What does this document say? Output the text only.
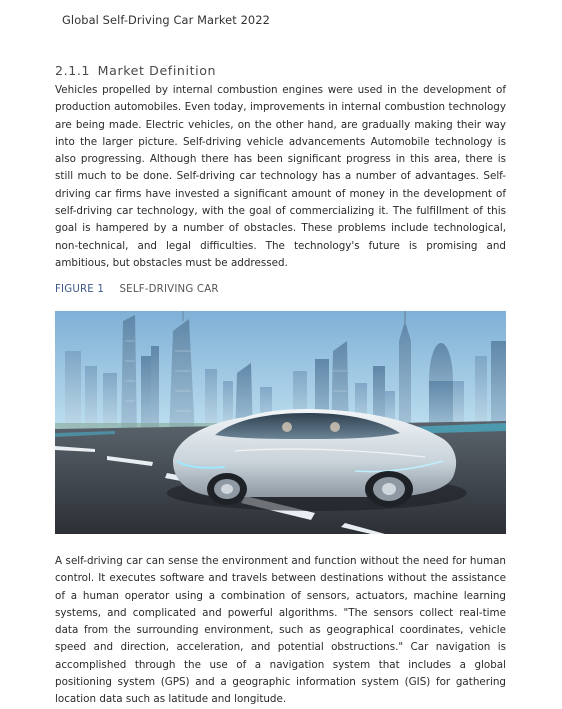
Global Self-Driving Car Market 2022
2.1.1 Market Definition

Vehicles propelled by internal combustion engines were used in the development of production automobiles. Even today, improvements in internal combustion technology are being made. Electric vehicles, on the other hand, are gradually making their way into the larger picture. Self-driving vehicle advancements Automobile technology is also progressing. Although there has been significant progress in this area, there is still much to be done. Self-driving car technology has a number of advantages. Self-driving car firms have invested a significant amount of money in the development of self-driving car technology, with the goal of commercializing it. The fulfillment of this goal is hampered by a number of obstacles. These problems include technological, non-technical, and legal difficulties. The technology's future is promising and ambitious, but obstacles must be addressed.

FIGURE 1 SELF-DRIVING CAR

A self-driving car can sense the environment and function without the need for human control. It executes software and travels between destinations without the assistance of a human operator using a combination of sensors, actuators, machine learning systems, and complicated and powerful algorithms. "The sensors collect real-time data from the surrounding environment, such as geographical coordinates, vehicle speed and direction, acceleration, and potential obstructions." Car navigation is accomplished through the use of a navigation system that includes a global positioning system (GPS) and a geographic information system (GIS) for gathering location data such as latitude and longitude.
